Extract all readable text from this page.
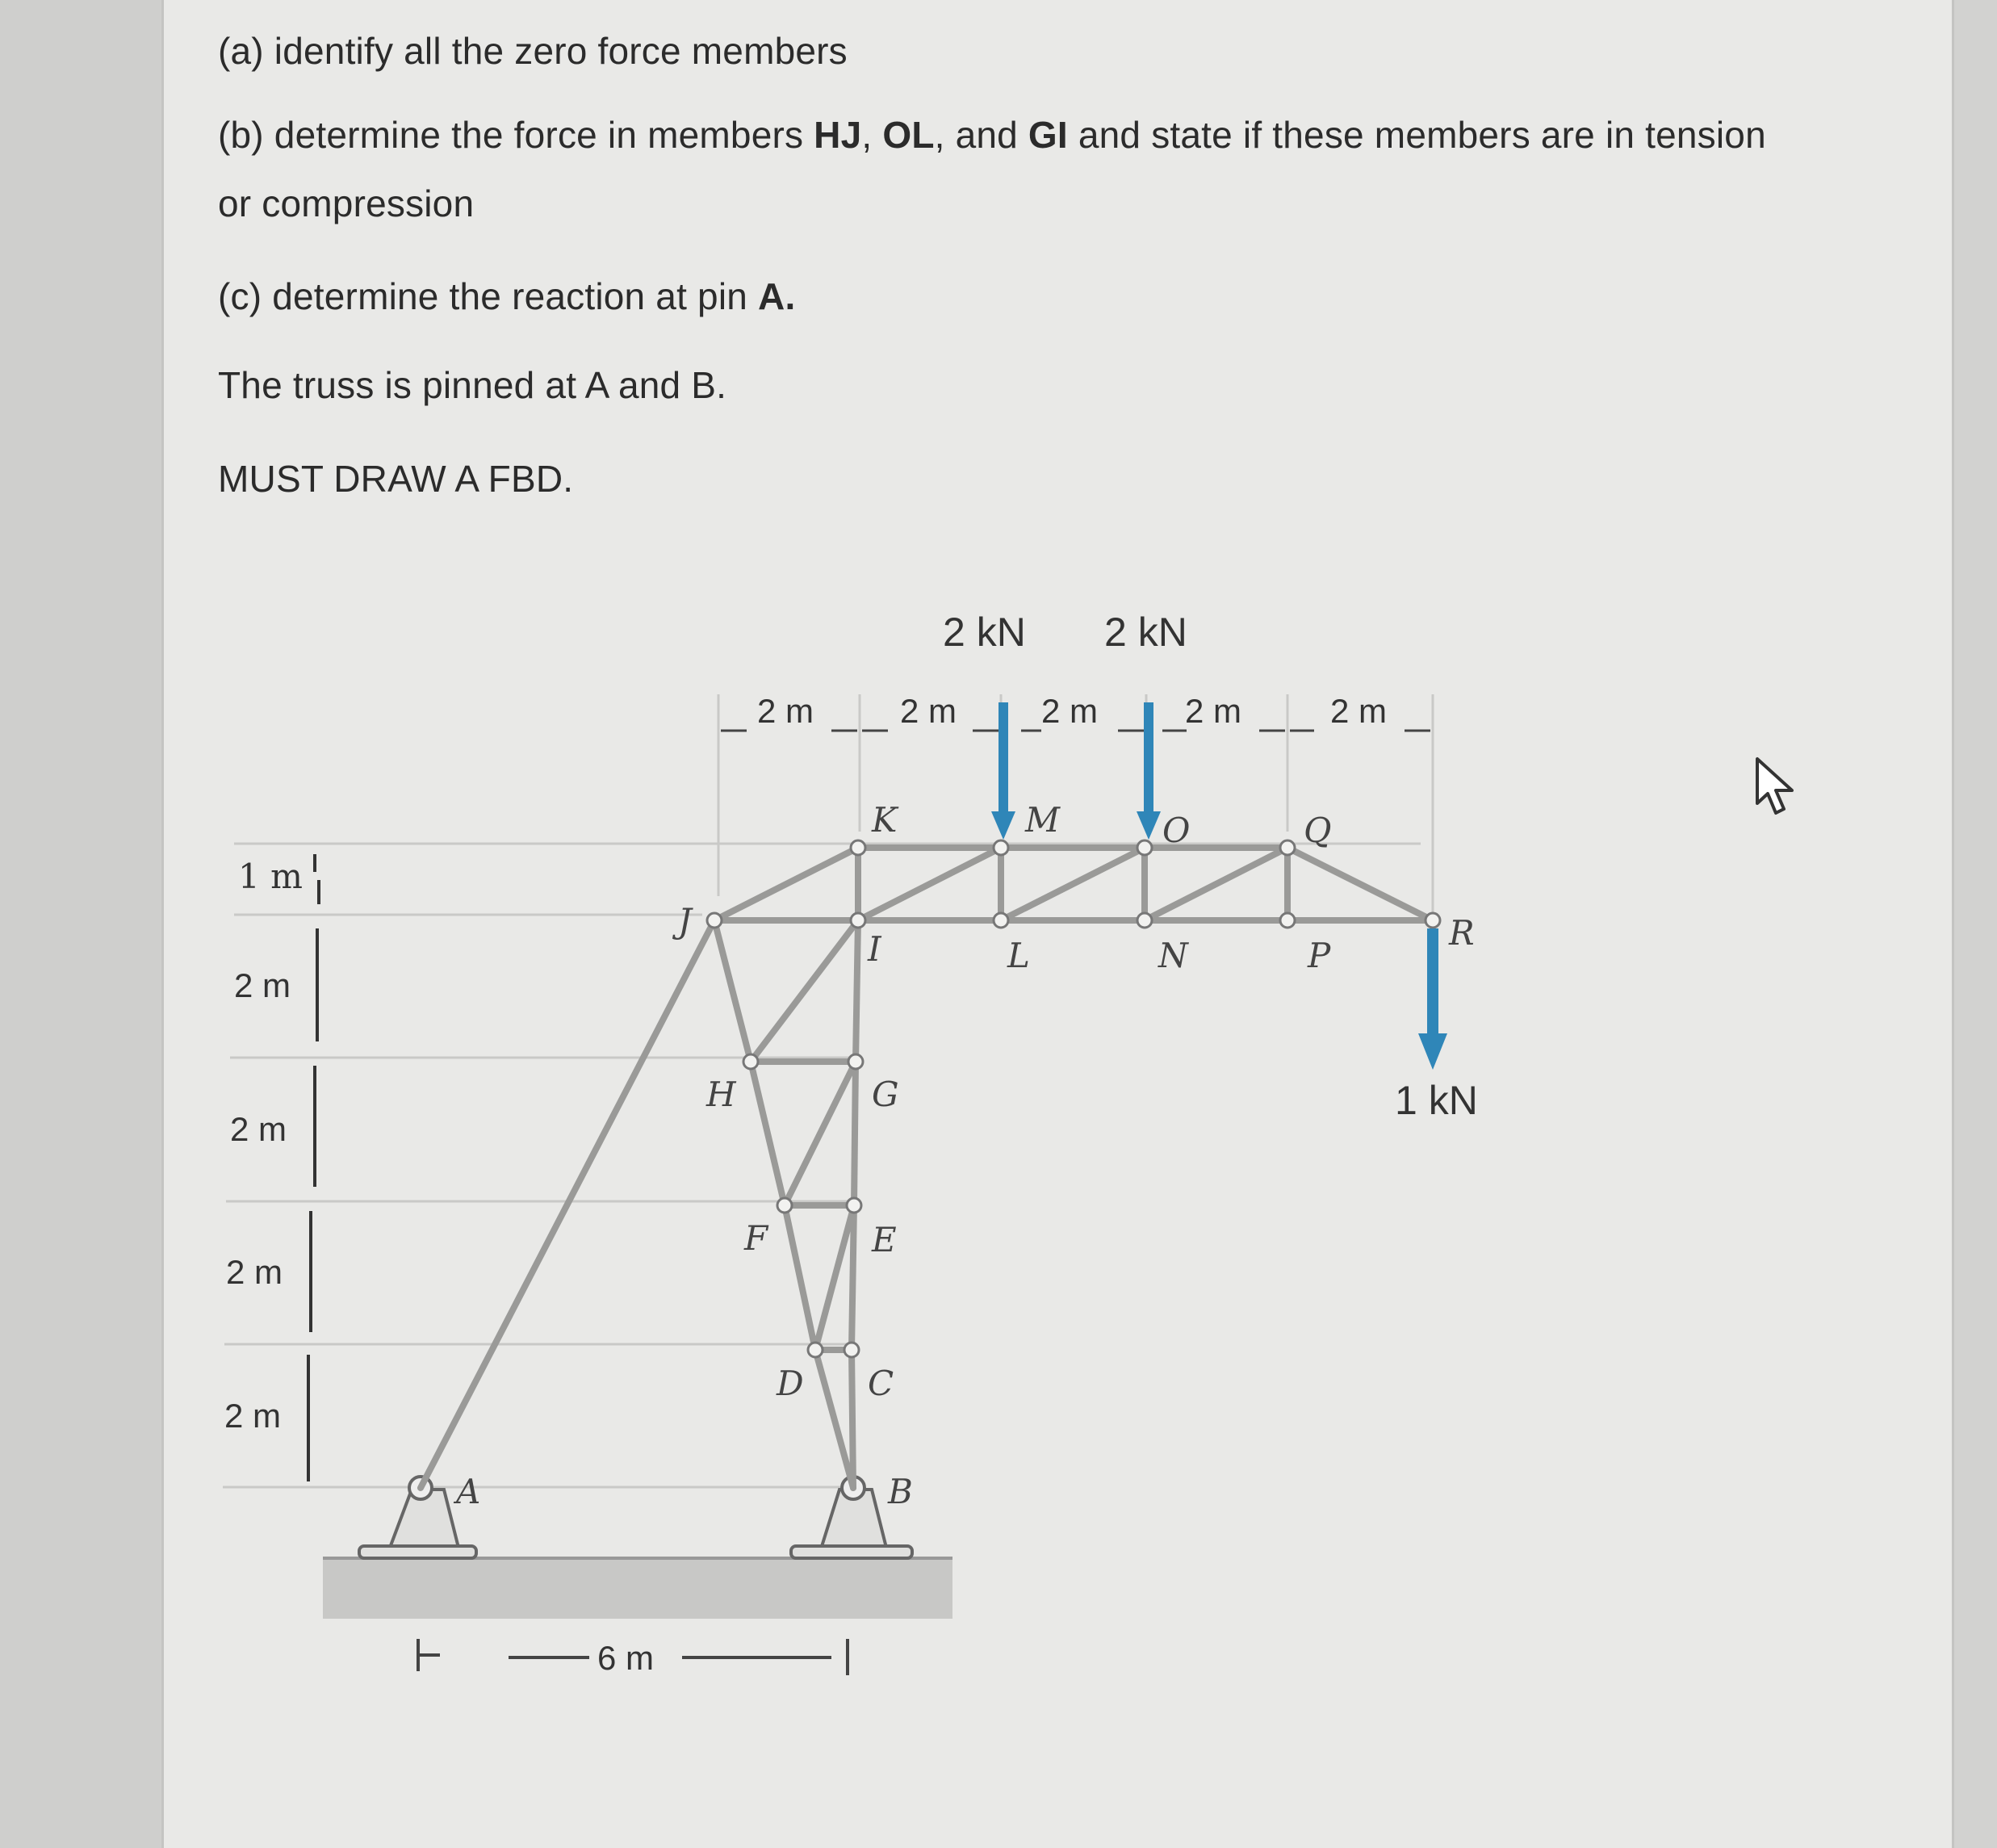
(a) identify all the zero force members
(b) determine the force in members HJ, OL, and GI and state if these members are in tension
or compression
(c) determine the reaction at pin A.
The truss is pinned at A and B.
MUST DRAW A FBD.
2 m	2 m 2 m	2 m	2 m
1 m
2 m
2 m
2 m
2 m
2 kN 2 kN
1 kN
A	B
C
D
E
F
G
H
I
J
K
L
M
N
O
P
Q
R
6 m
